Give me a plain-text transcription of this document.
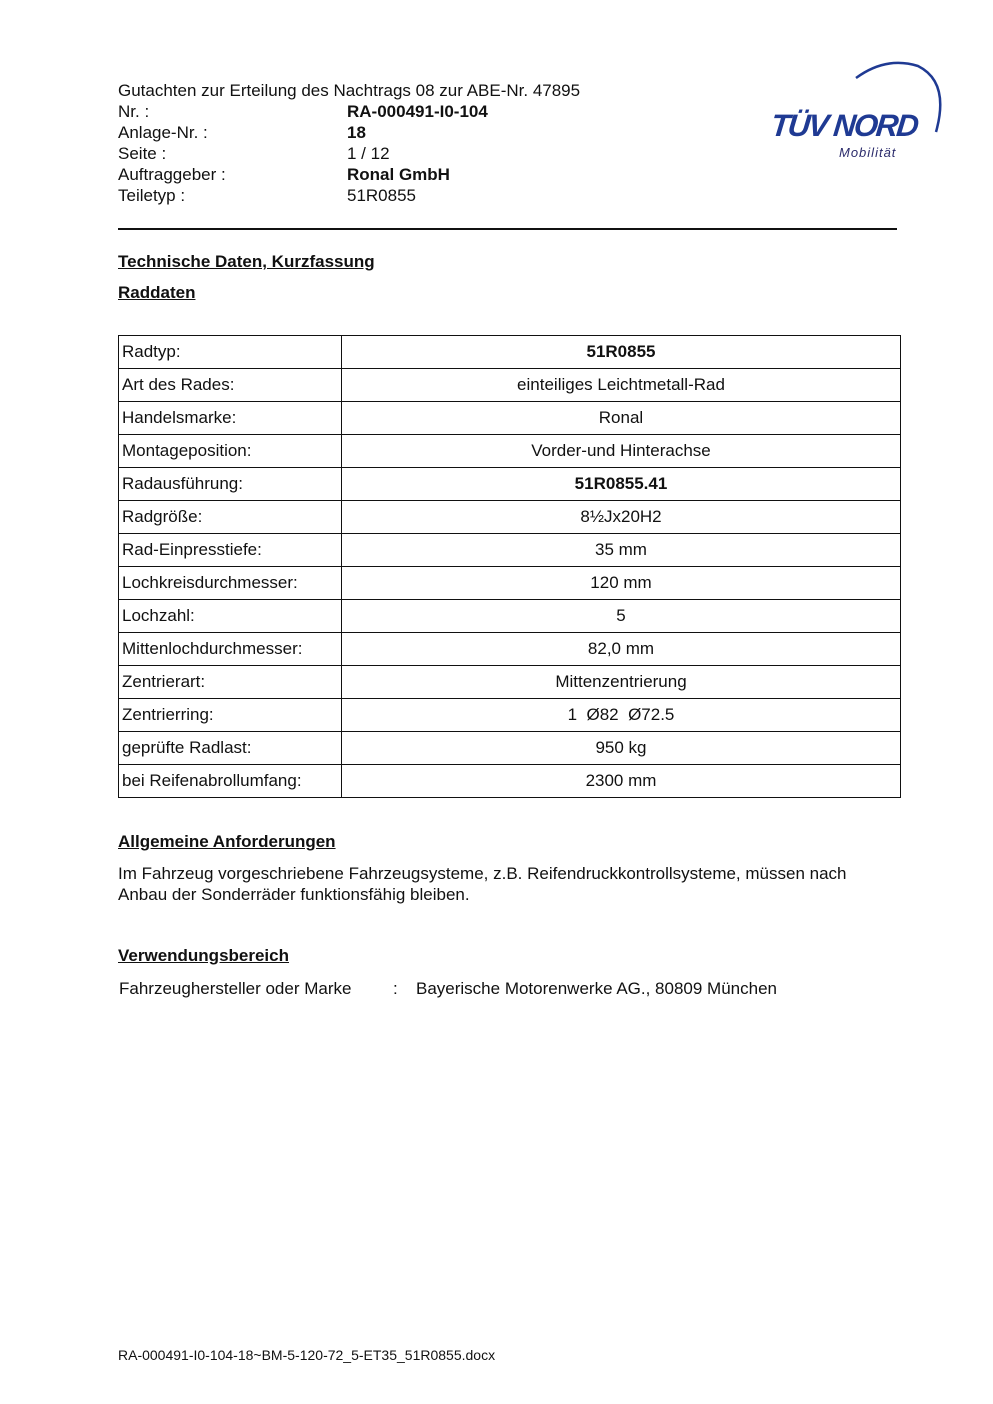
Gutachten zur Erteilung des Nachtrags 08 zur ABE-Nr. 47895
Nr. :	RA-000491-I0-104
Anlage-Nr. :	18
Seite :	1 / 12
Auftraggeber :	Ronal GmbH
Teiletyp :	51R0855
TÜV NORD
Mobilität
Technische Daten, Kurzfassung
Raddaten
Radtyp:	51R0855
Art des Rades:	einteiliges Leichtmetall-Rad
Handelsmarke:	Ronal
Montageposition:	Vorder-und Hinterachse
Radausführung:	51R0855.41
Radgröße:	8½Jx20H2
Rad-Einpresstiefe:	35 mm
Lochkreisdurchmesser:	120 mm
Lochzahl:	5
Mittenlochdurchmesser:	82,0 mm
Zentrierart:	Mittenzentrierung
Zentrierring:	1  Ø82  Ø72.5
geprüfte Radlast:	950 kg
bei Reifenabrollumfang:	2300 mm
Allgemeine Anforderungen
Im Fahrzeug vorgeschriebene Fahrzeugsysteme, z.B. Reifendruckkontrollsysteme, müssen nach Anbau der Sonderräder funktionsfähig bleiben.
Verwendungsbereich
Fahrzeughersteller oder Marke	:	Bayerische Motorenwerke AG., 80809 München
RA-000491-I0-104-18~BM-5-120-72_5-ET35_51R0855.docx
